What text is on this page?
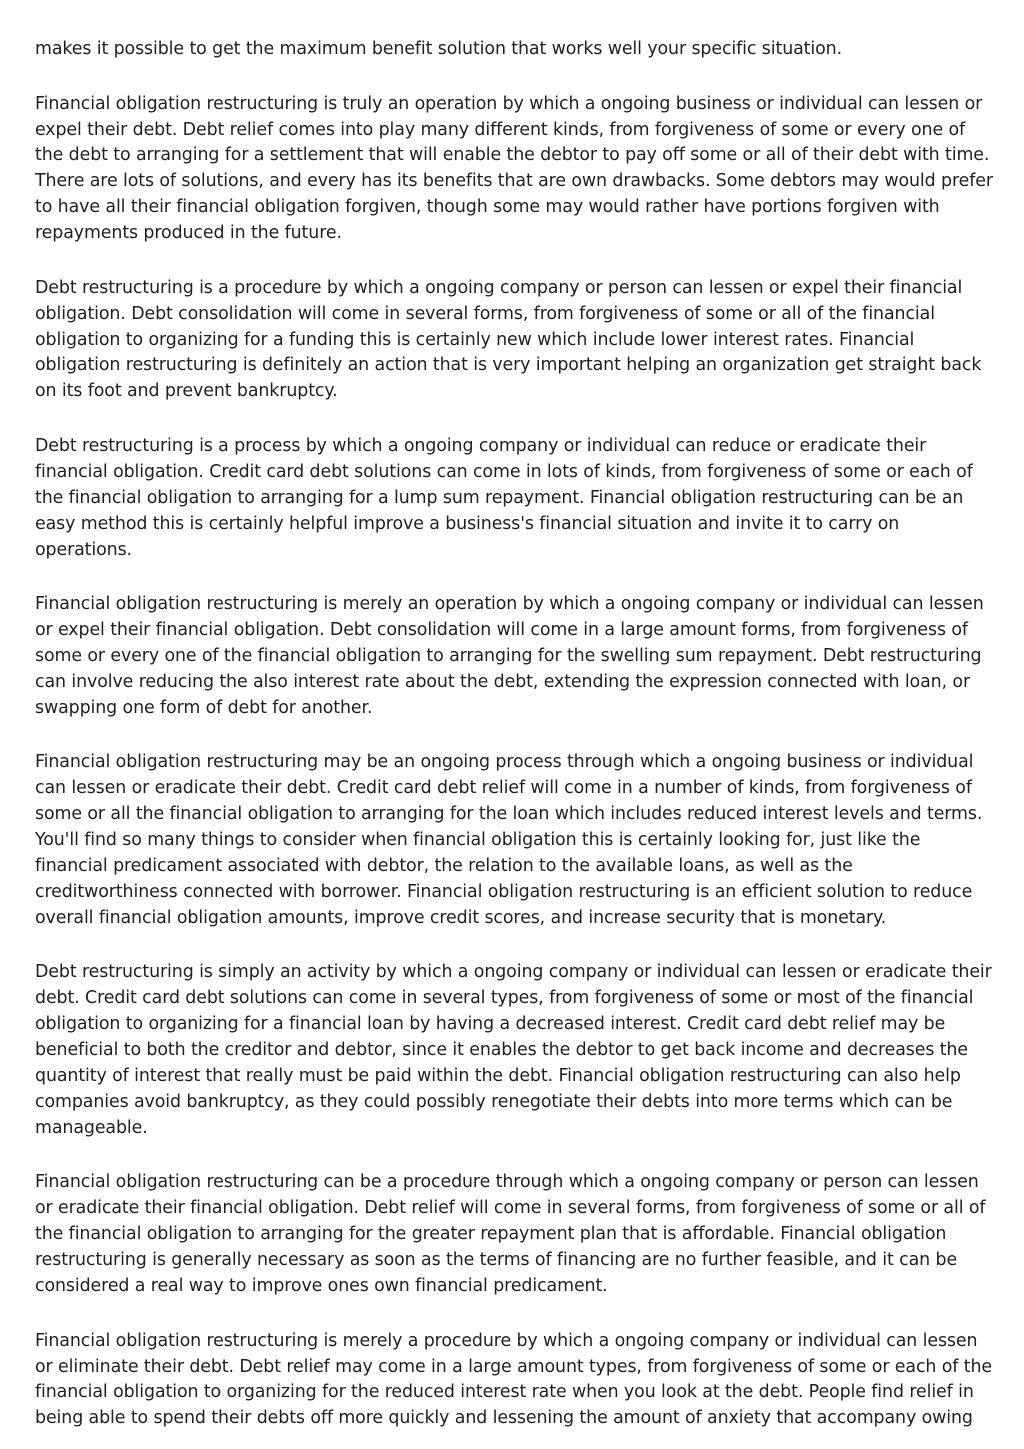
makes it possible to get the maximum benefit solution that works well your specific situation.

Financial obligation restructuring is truly an operation by which a ongoing business or individual can lessen or expel their debt. Debt relief comes into play many different kinds, from forgiveness of some or every one of the debt to arranging for a settlement that will enable the debtor to pay off some or all of their debt with time. There are lots of solutions, and every has its benefits that are own drawbacks. Some debtors may would prefer to have all their financial obligation forgiven, though some may would rather have portions forgiven with repayments produced in the future.

Debt restructuring is a procedure by which a ongoing company or person can lessen or expel their financial obligation. Debt consolidation will come in several forms, from forgiveness of some or all of the financial obligation to organizing for a funding this is certainly new which include lower interest rates. Financial obligation restructuring is definitely an action that is very important helping an organization get straight back on its foot and prevent bankruptcy.

Debt restructuring is a process by which a ongoing company or individual can reduce or eradicate their financial obligation. Credit card debt solutions can come in lots of kinds, from forgiveness of some or each of the financial obligation to arranging for a lump sum repayment. Financial obligation restructuring can be an easy method this is certainly helpful improve a business's financial situation and invite it to carry on operations.

Financial obligation restructuring is merely an operation by which a ongoing company or individual can lessen or expel their financial obligation. Debt consolidation will come in a large amount forms, from forgiveness of some or every one of the financial obligation to arranging for the swelling sum repayment. Debt restructuring can involve reducing the also interest rate about the debt, extending the expression connected with loan, or swapping one form of debt for another.

Financial obligation restructuring may be an ongoing process through which a ongoing business or individual can lessen or eradicate their debt. Credit card debt relief will come in a number of kinds, from forgiveness of some or all the financial obligation to arranging for the loan which includes reduced interest levels and terms. You'll find so many things to consider when financial obligation this is certainly looking for, just like the financial predicament associated with debtor, the relation to the available loans, as well as the creditworthiness connected with borrower. Financial obligation restructuring is an efficient solution to reduce overall financial obligation amounts, improve credit scores, and increase security that is monetary.

Debt restructuring is simply an activity by which a ongoing company or individual can lessen or eradicate their debt. Credit card debt solutions can come in several types, from forgiveness of some or most of the financial obligation to organizing for a financial loan by having a decreased interest. Credit card debt relief may be beneficial to both the creditor and debtor, since it enables the debtor to get back income and decreases the quantity of interest that really must be paid within the debt. Financial obligation restructuring can also help companies avoid bankruptcy, as they could possibly renegotiate their debts into more terms which can be manageable.

Financial obligation restructuring can be a procedure through which a ongoing company or person can lessen or eradicate their financial obligation. Debt relief will come in several forms, from forgiveness of some or all of the financial obligation to arranging for the greater repayment plan that is affordable. Financial obligation restructuring is generally necessary as soon as the terms of financing are no further feasible, and it can be considered a real way to improve ones own financial predicament.

Financial obligation restructuring is merely a procedure by which a ongoing company or individual can lessen or eliminate their debt. Debt relief may come in a large amount types, from forgiveness of some or each of the financial obligation to organizing for the reduced interest rate when you look at the debt. People find relief in being able to spend their debts off more quickly and lessening the amount of anxiety that accompany owing
